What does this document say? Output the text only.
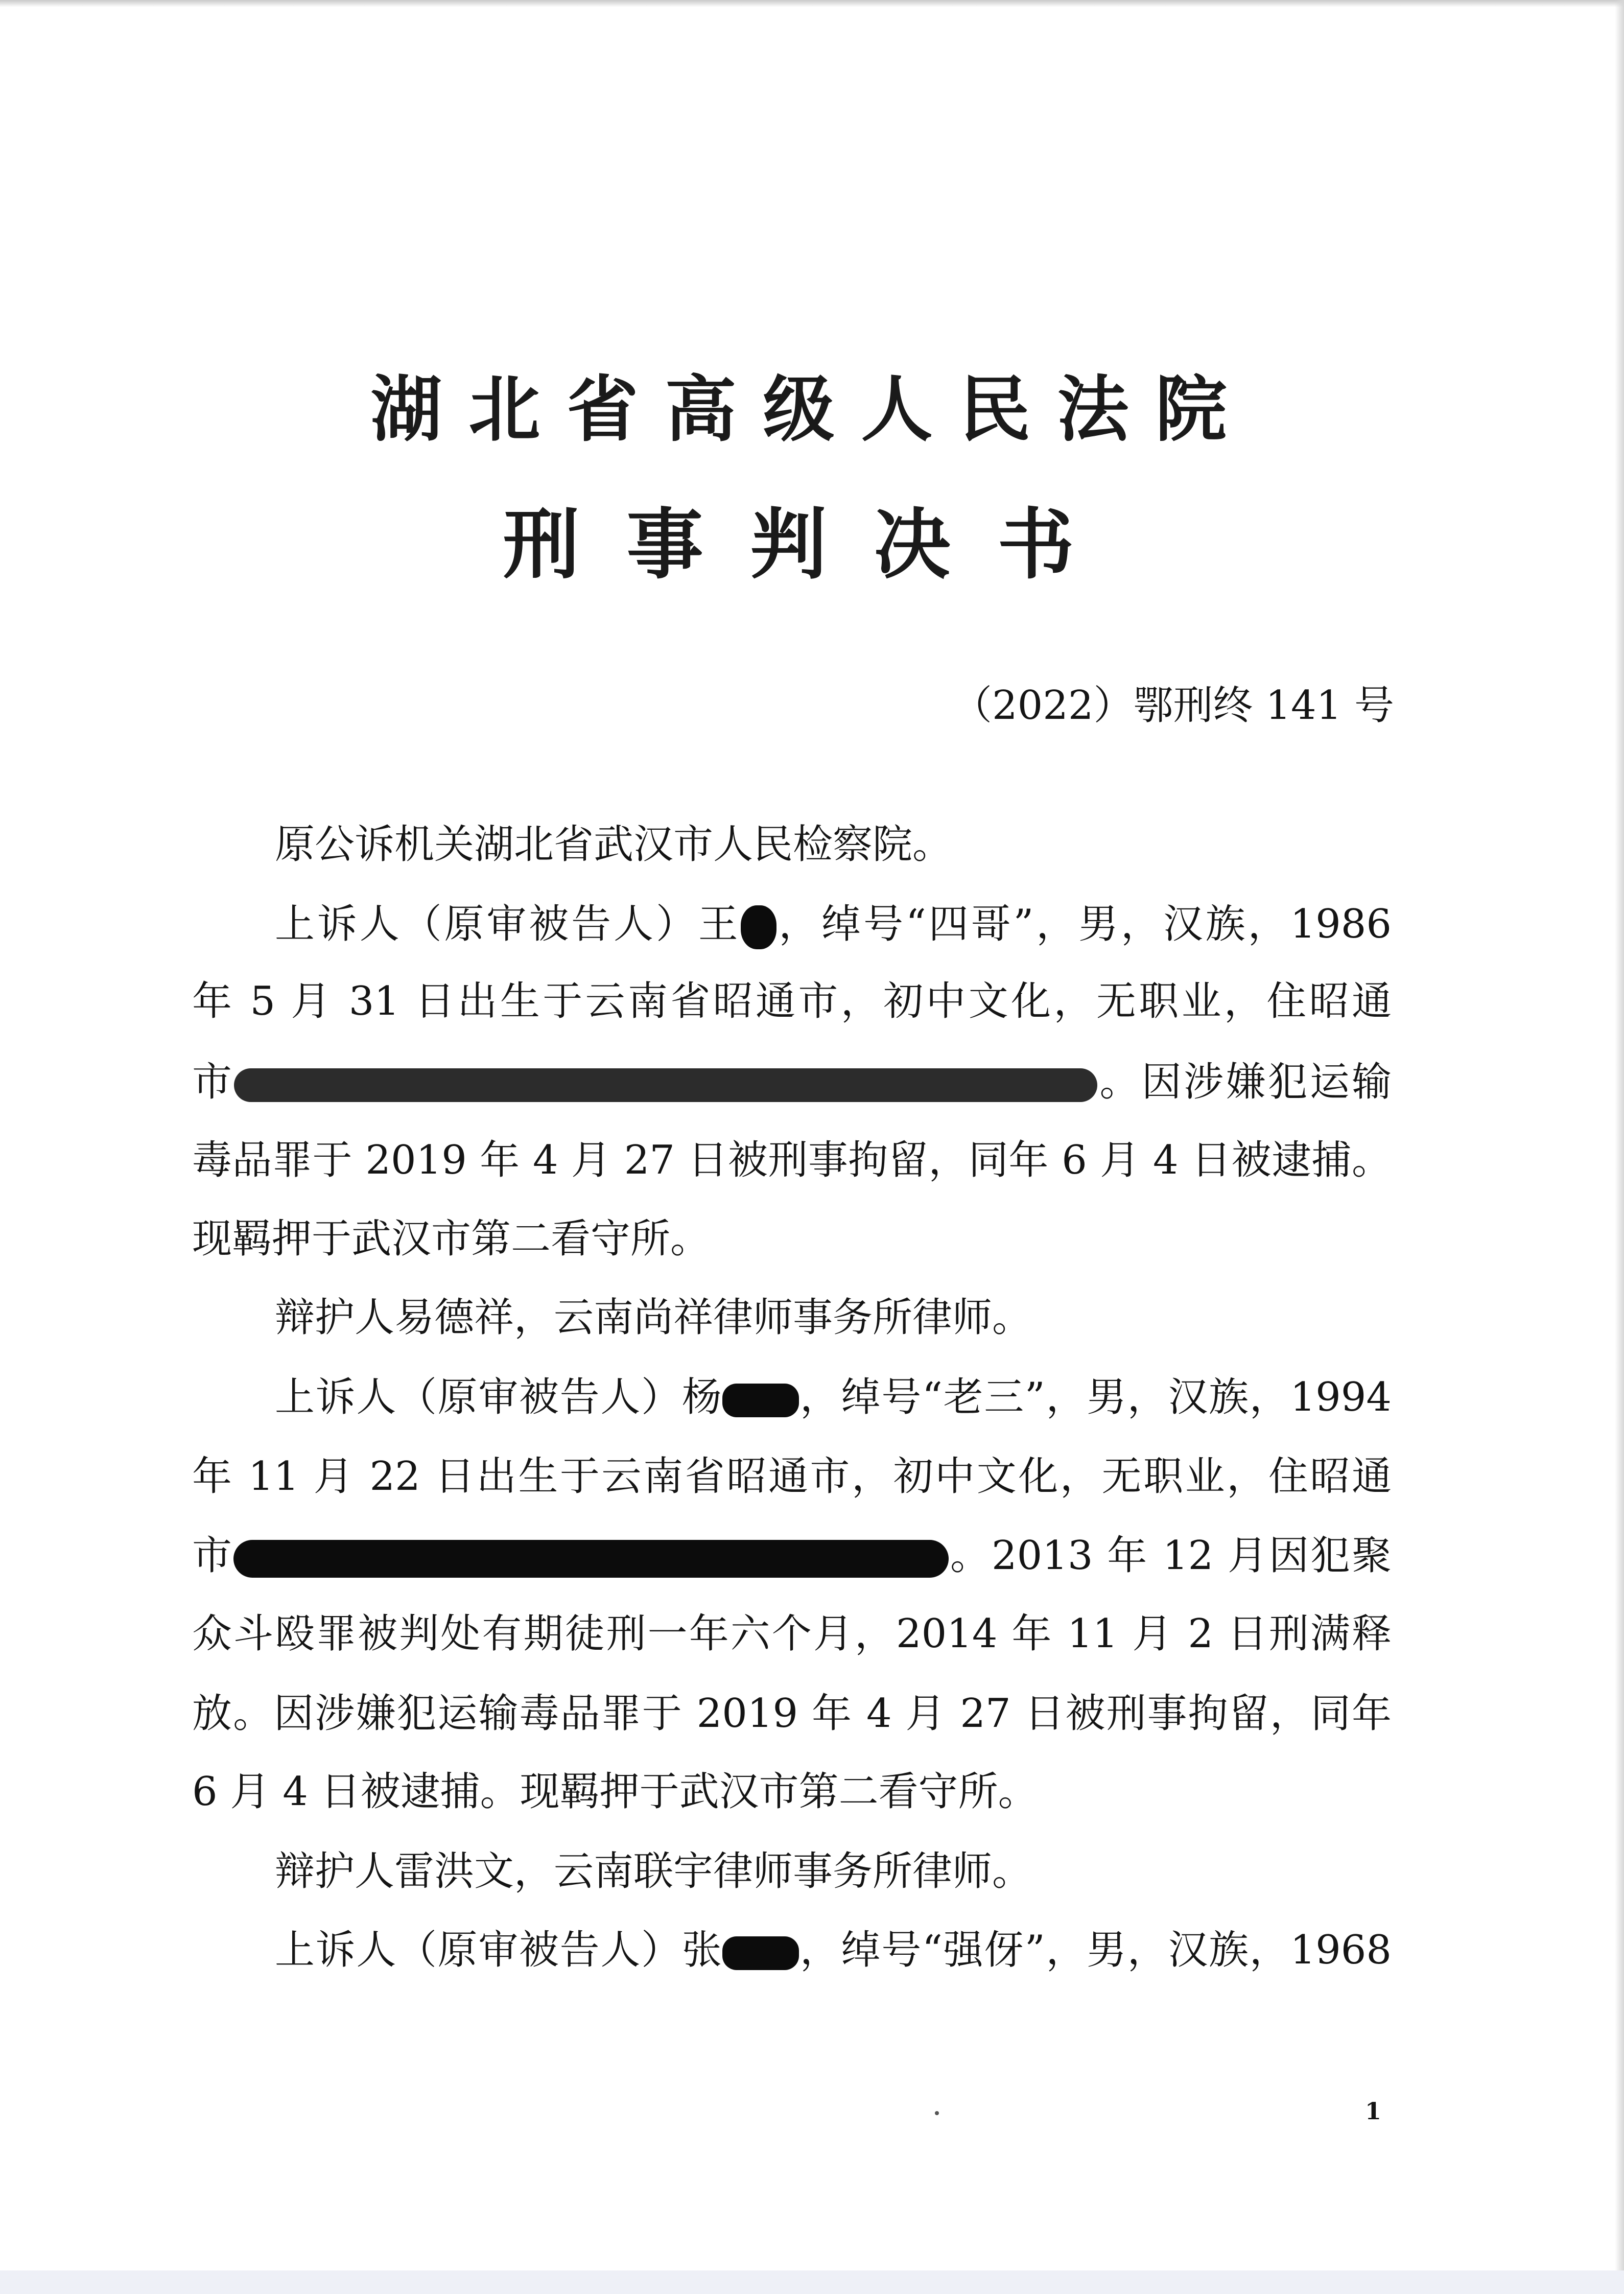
湖北省高级人民法院
刑事判决书
（2022）鄂刑终 141 号
原公诉机关湖北省武汉市人民检察院。
上诉人（原审被告人）王 ，绰号“四哥”，男，汉族，1986
年 5 月 31 日出生于云南省昭通市，初中文化，无职业，住昭通
市	。因涉嫌犯运输
毒品罪于 2019 年 4 月 27 日被刑事拘留，同年 6 月 4 日被逮捕。
现羁押于武汉市第二看守所。
辩护人易德祥，云南尚祥律师事务所律师。
上诉人（原审被告人）杨 ，绰号“老三”，男，汉族，1994
年 11 月 22 日出生于云南省昭通市，初中文化，无职业，住昭通
市	。2013 年 12 月因犯聚
众斗殴罪被判处有期徒刑一年六个月，2014 年 11 月 2 日刑满释
放。因涉嫌犯运输毒品罪于 2019 年 4 月 27 日被刑事拘留，同年
6 月 4 日被逮捕。现羁押于武汉市第二看守所。
辩护人雷洪文，云南联宇律师事务所律师。
上诉人（原审被告人）张 ，绰号“强伢”，男，汉族，1968
1
